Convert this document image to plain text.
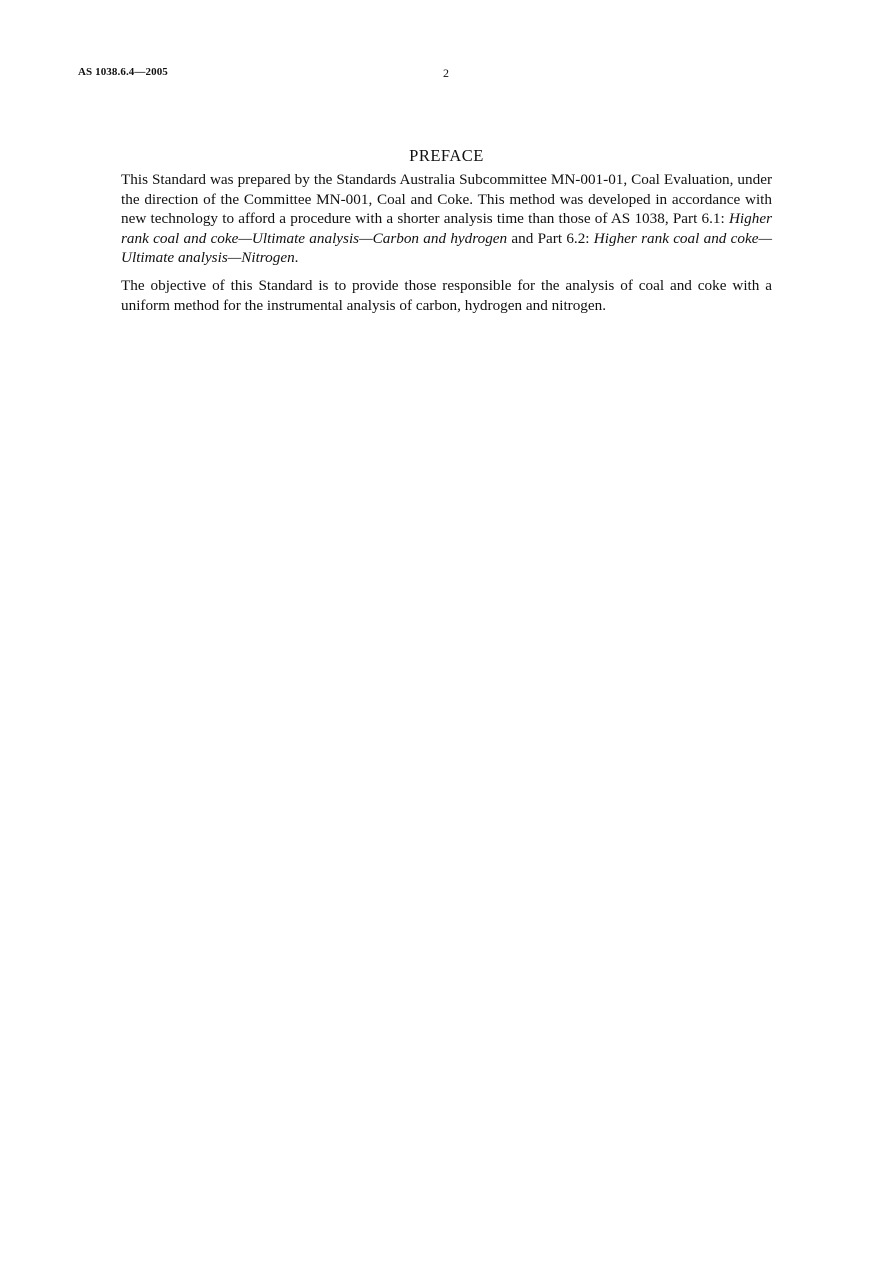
AS 1038.6.4—2005	2
PREFACE

This Standard was prepared by the Standards Australia Subcommittee MN-001-01, Coal Evaluation, under the direction of the Committee MN-001, Coal and Coke. This method was developed in accordance with new technology to afford a procedure with a shorter analysis time than those of AS 1038, Part 6.1: Higher rank coal and coke—Ultimate analysis—Carbon and hydrogen and Part 6.2: Higher rank coal and coke—Ultimate analysis—Nitrogen.

The objective of this Standard is to provide those responsible for the analysis of coal and coke with a uniform method for the instrumental analysis of carbon, hydrogen and nitrogen.
